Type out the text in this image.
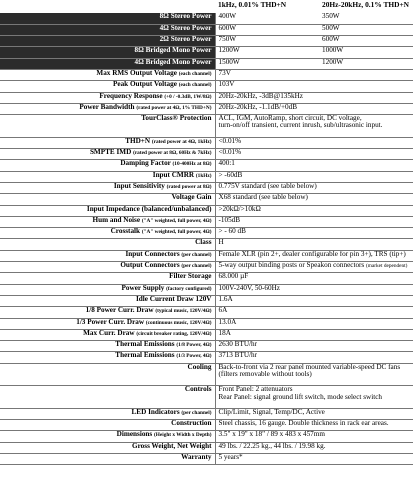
	1kHz, 0.01% THD+N	20Hz-20kHz, 0.1% THD+N
8Ω Stereo Power	400W	350W
4Ω Stereo Power	600W	500W
2Ω Stereo Power	750W	600W
8Ω Bridged Mono Power	1200W	1000W
4Ω Bridged Mono Power	1500W	1200W
Max RMS Output Voltage (each channel)	73V	

Peak Output Voltage (each channel)	103V	

Frequency Response (+0 / -0.3dB, 1W/8Ω)	20Hz-20kHz, -3dB@135kHz	

Power Bandwidth (rated power at 4Ω, 1% THD+N)	20Hz-20kHz, -1.1dB/+0dB	

TourClass® Protection	ACL, IGM, AutoRamp, short circuit, DC voltage,
turn-on/off transient, current inrush, sub/ultrasonic input.	

THD+N (rated power at 4Ω, 1kHz)	<0.01%	

SMPTE IMD (rated power at 8Ω, 60Hz & 7kHz)	<0.01%	

Damping Factor (10-400Hz at 8Ω)	400:1	

Input CMRR (1kHz)	> -60dB	

Input Sensitivity (rated power at 8Ω)	0.775V standard (see table below)	

Voltage Gain	X68 standard (see table below)	

Input Impedance (balanced/unbalanced)	>20kΩ/>10kΩ	

Hum and Noise ("A" weighted, full power, 4Ω)	-105dB	

Crosstalk ("A" weighted, full power, 4Ω)	> - 60 dB	

Class	H	

Input Connectors (per channel)	Female XLR (pin 2+, dealer configurable for pin 3+), TRS (tip+)	

Output Connectors (per channel)	5-way output binding posts or Speakon connectors (market dependent)	
Filter Storage	68.000 µF	

Power Supply (factory configured)	100V-240V, 50-60Hz	

Idle Current Draw 120V	1.6A	

1/8 Power Curr. Draw (typical music, 120V/4Ω)	6A	

1/3 Power Curr. Draw (continuous music, 120V/4Ω)	13.0A	

Max Curr. Draw (circuit breaker rating, 120V/4Ω)	18A	

Thermal Emissions (1/8 Power, 4Ω)	2630 BTU/hr	

Thermal Emissions (1/3 Power, 4Ω)	3713 BTU/hr	

Cooling	Back-to-front via 2 rear panel mounted variable-speed DC fans
(filters removable without tools)	

Controls	Front Panel: 2 attenuators
Rear Panel: signal ground lift switch, mode select switch	

LED Indicators (per channel)	Clip/Limit, Signal, Temp/DC, Active	

Construction	Steel chassis, 16 gauge. Double thickness in rack ear areas.	

Dimensions (Height x Width x Depth)	3.5" x 19" x 18" / 89 x 483 x 457mm	

Gross Weight, Net Weight	49 lbs. / 22.25 kg., 44 lbs. / 19.98 kg.	

Warranty	5 years*	
